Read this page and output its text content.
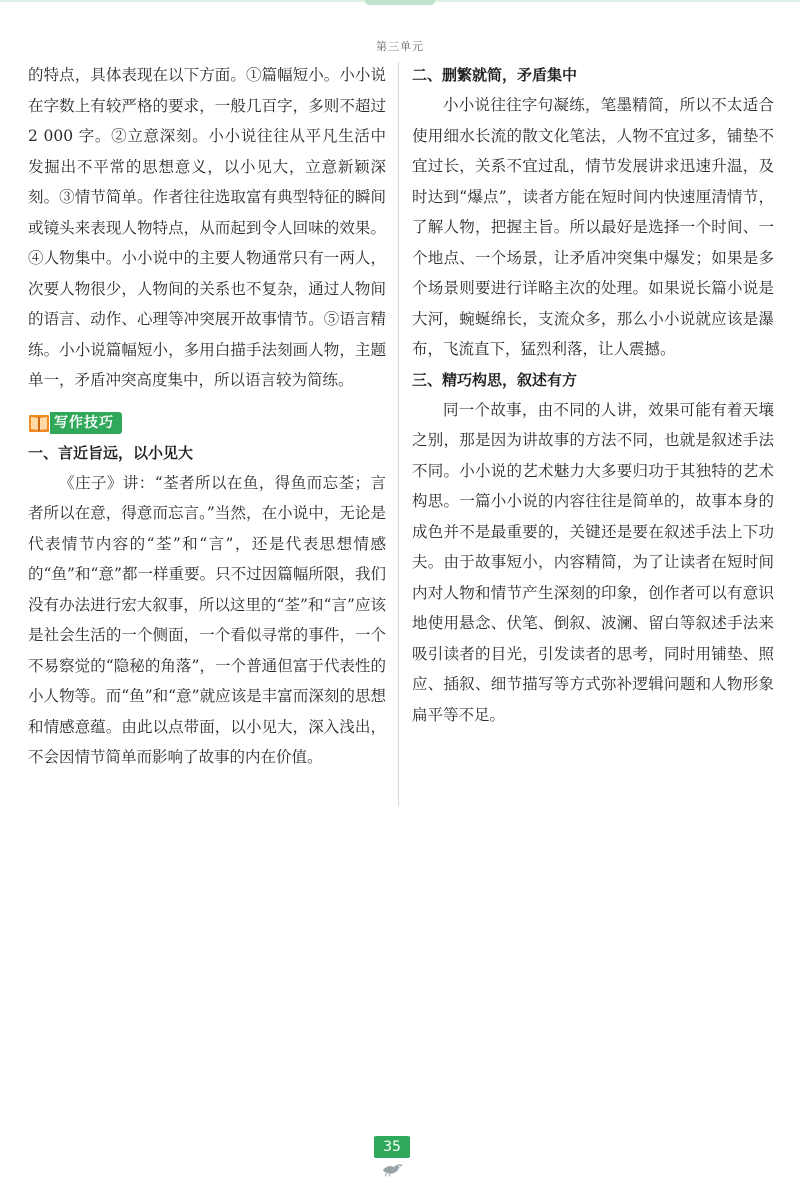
第三单元

的特点，具体表现在以下方面。①篇幅短小。小小说在字数上有较严格的要求，一般几百字，多则不超过 2 000 字。②立意深刻。小小说往往从平凡生活中发掘出不平常的思想意义，以小见大，立意新颖深刻。③情节简单。作者往往选取富有典型特征的瞬间或镜头来表现人物特点，从而起到令人回味的效果。④人物集中。小小说中的主要人物通常只有一两人，次要人物很少，人物间的关系也不复杂，通过人物间的语言、动作、心理等冲突展开故事情节。⑤语言精练。小小说篇幅短小，多用白描手法刻画人物，主题单一，矛盾冲突高度集中，所以语言较为简练。

写作技巧
一、言近旨远，以小见大

《庄子》讲：“荃者所以在鱼，得鱼而忘荃；言者所以在意，得意而忘言。”当然，在小说中，无论是代表情节内容的“荃”和“言”，还是代表思想情感的“鱼”和“意”都一样重要。只不过因篇幅所限，我们没有办法进行宏大叙事，所以这里的“荃”和“言”应该是社会生活的一个侧面，一个看似寻常的事件，一个不易察觉的“隐秘的角落”，一个普通但富于代表性的小人物等。而“鱼”和“意”就应该是丰富而深刻的思想和情感意蕴。由此以点带面，以小见大，深入浅出，不会因情节简单而影响了故事的内在价值。

二、删繁就简，矛盾集中

小小说往往字句凝练，笔墨精简，所以不太适合使用细水长流的散文化笔法，人物不宜过多，铺垫不宜过长，关系不宜过乱，情节发展讲求迅速升温，及时达到“爆点”，读者方能在短时间内快速厘清情节，了解人物，把握主旨。所以最好是选择一个时间、一个地点、一个场景，让矛盾冲突集中爆发；如果是多个场景则要进行详略主次的处理。如果说长篇小说是大河，蜿蜒绵长，支流众多，那么小小说就应该是瀑布，飞流直下，猛烈利落，让人震撼。

三、精巧构思，叙述有方

同一个故事，由不同的人讲，效果可能有着天壤之别，那是因为讲故事的方法不同，也就是叙述手法不同。小小说的艺术魅力大多要归功于其独特的艺术构思。一篇小小说的内容往往是简单的，故事本身的成色并不是最重要的，关键还是要在叙述手法上下功夫。由于故事短小，内容精简，为了让读者在短时间内对人物和情节产生深刻的印象，创作者可以有意识地使用悬念、伏笔、倒叙、波澜、留白等叙述手法来吸引读者的目光，引发读者的思考，同时用铺垫、照应、插叙、细节描写等方式弥补逻辑问题和人物形象扁平等不足。

35
